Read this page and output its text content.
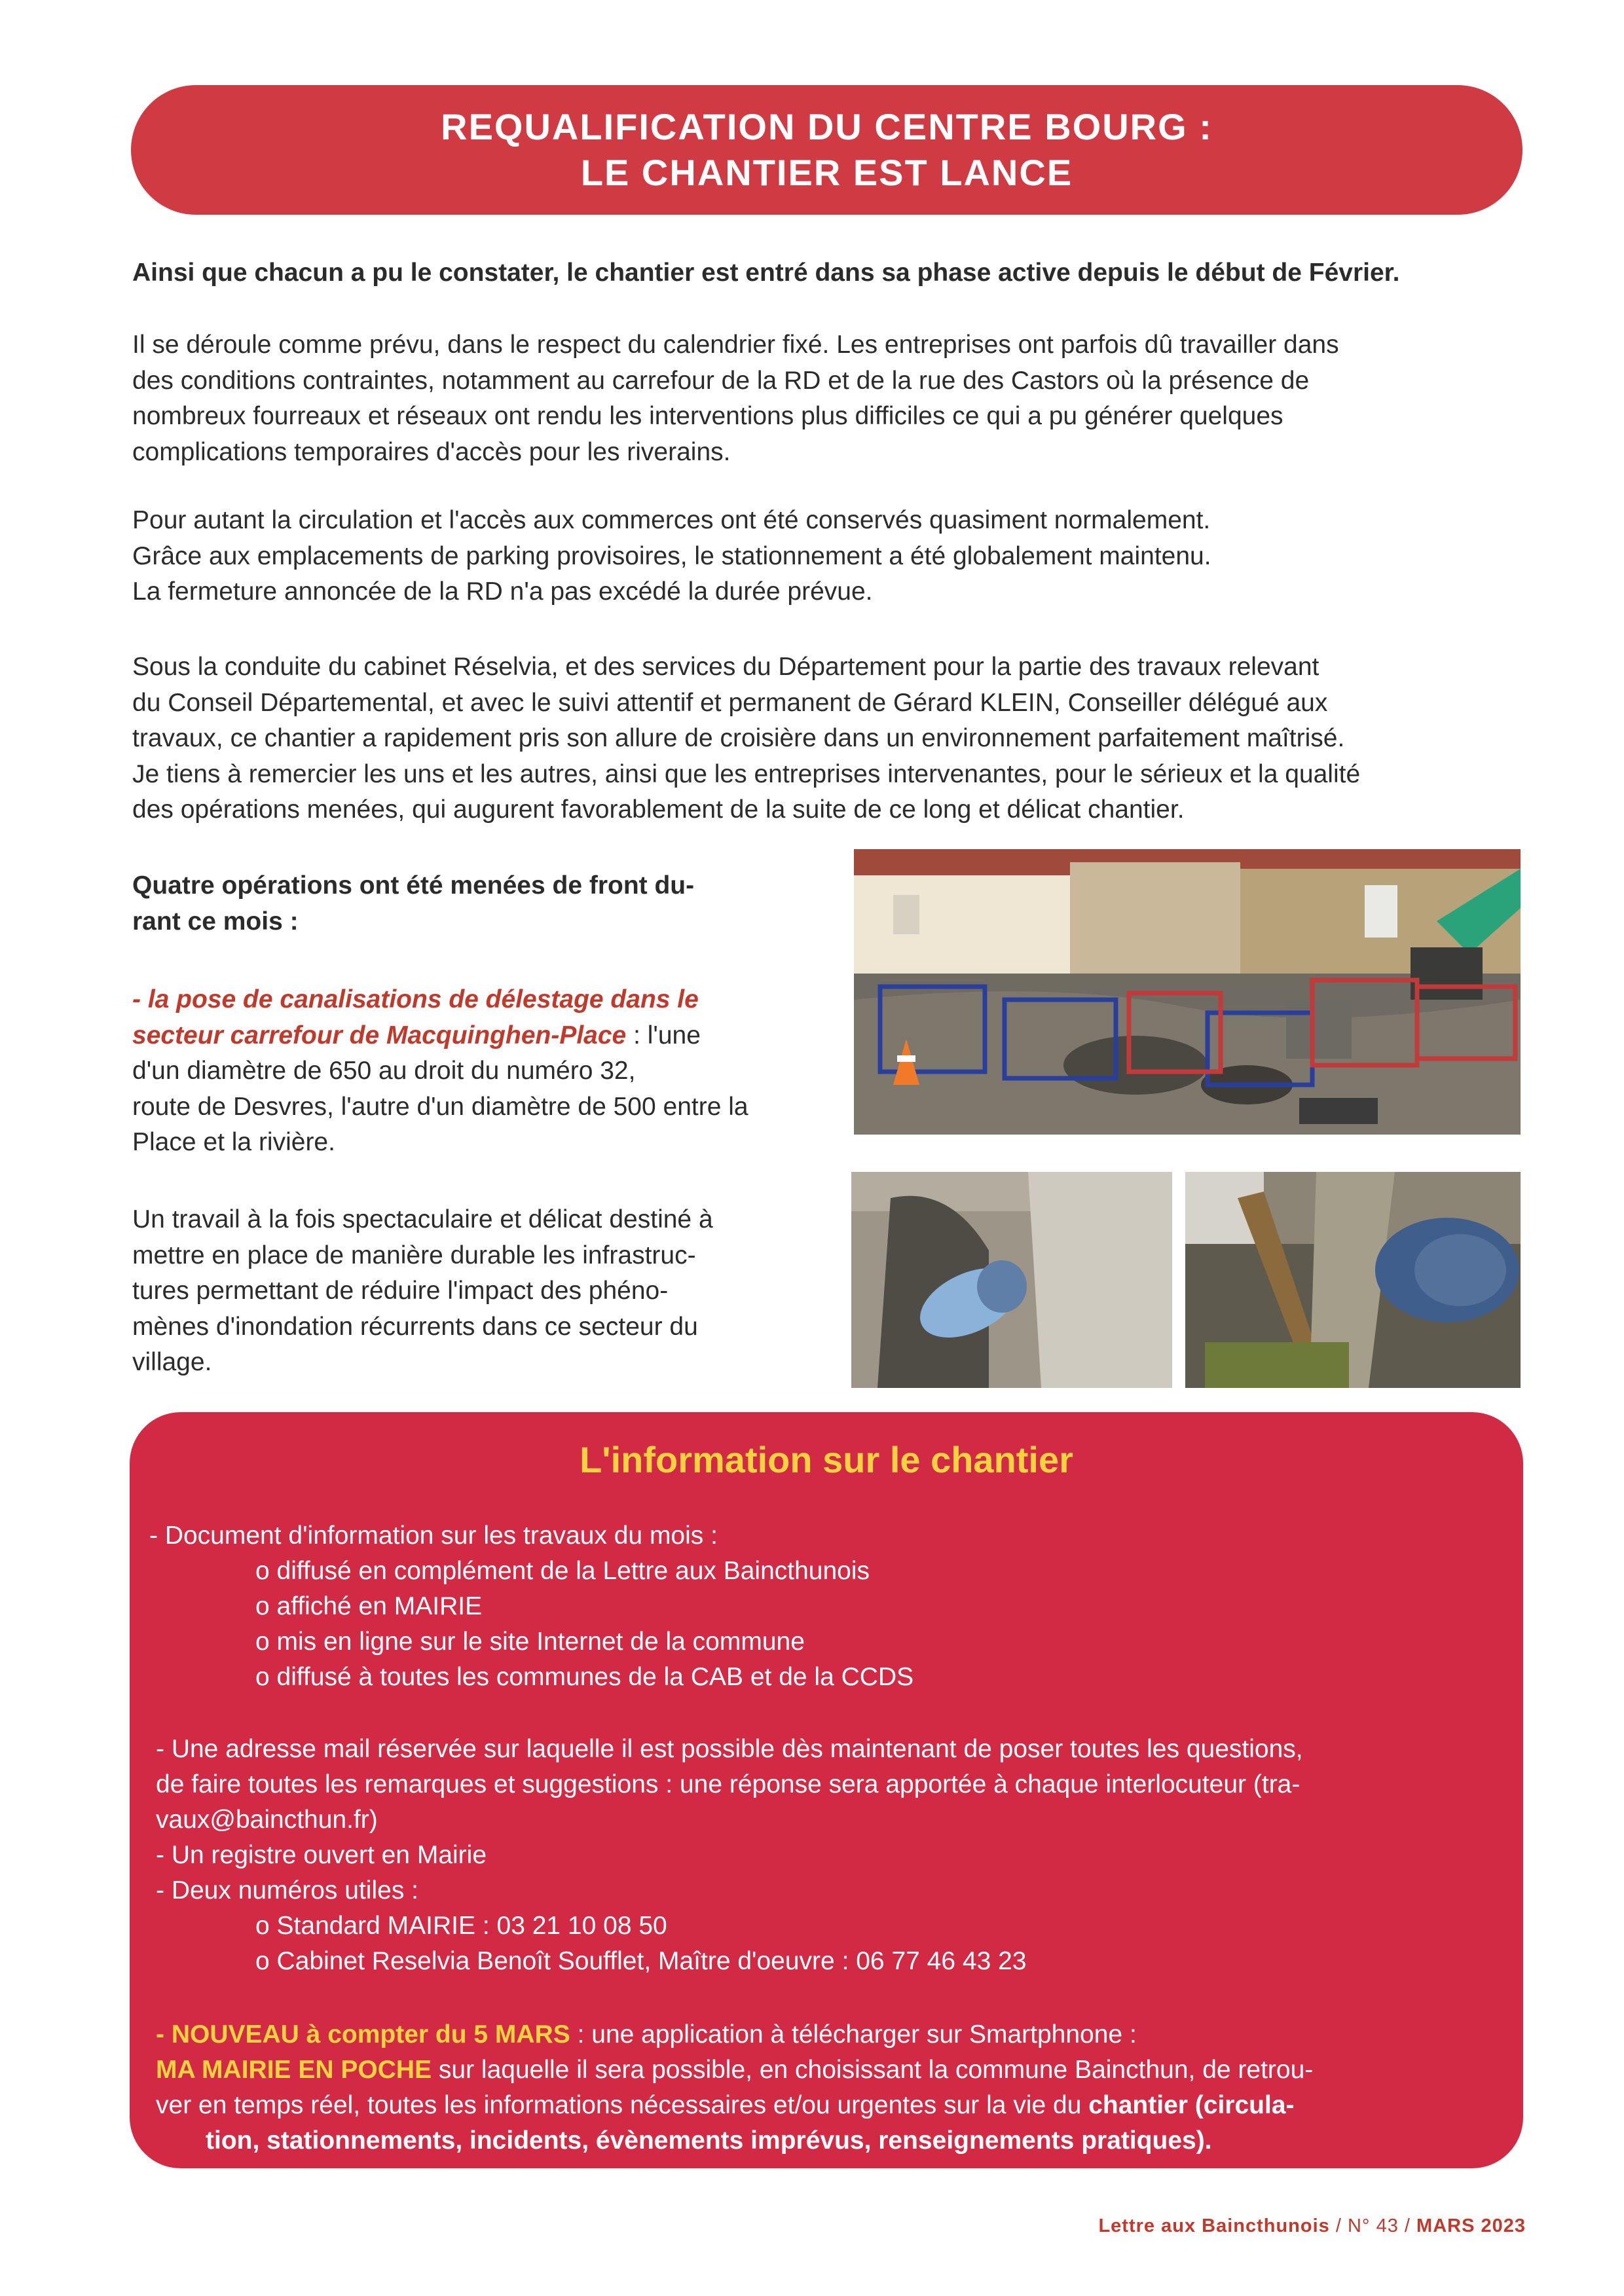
REQUALIFICATION DU CENTRE BOURG :
LE CHANTIER EST LANCE
Ainsi que chacun a pu le constater, le chantier est entré dans sa phase active depuis le début de Février.
Il se déroule comme prévu, dans le respect du calendrier fixé. Les entreprises ont parfois dû travailler dans
des conditions contraintes, notamment au carrefour de la RD et de la rue des Castors où la présence de
nombreux fourreaux et réseaux ont rendu les interventions plus difficiles ce qui a pu générer quelques
complications temporaires d'accès pour les riverains.
Pour autant la circulation et l'accès aux commerces ont été conservés quasiment normalement.
Grâce aux emplacements de parking provisoires, le stationnement a été globalement maintenu.
La fermeture annoncée de la RD n'a pas excédé la durée prévue.
Sous la conduite du cabinet Réselvia, et des services du Département pour la partie des travaux relevant
du Conseil Départemental, et avec le suivi attentif et permanent de Gérard KLEIN, Conseiller délégué aux
travaux, ce chantier a rapidement pris son allure de croisière dans un environnement parfaitement maîtrisé.
Je tiens à remercier les uns et les autres, ainsi que les entreprises intervenantes, pour le sérieux et la qualité
des opérations menées, qui augurent favorablement de la suite de ce long et délicat chantier.
Quatre opérations ont été menées de front du-
rant ce mois :
- la pose de canalisations de délestage dans le
secteur carrefour de Macquinghen-Place : l'une
d'un diamètre de 650 au droit du numéro 32,
route de Desvres, l'autre d'un diamètre de 500 entre la
Place et la rivière.
Un travail à la fois spectaculaire et délicat destiné à
mettre en place de manière durable les infrastruc-
tures permettant de réduire l'impact des phéno-
mènes d'inondation récurrents dans ce secteur du
village.
L'information sur le chantier
- Document d'information sur les travaux du mois :
o diffusé en complément de la Lettre aux Baincthunois
o affiché en MAIRIE
o mis en ligne sur le site Internet de la commune
o diffusé à toutes les communes de la CAB et de la CCDS
- Une adresse mail réservée sur laquelle il est possible dès maintenant de poser toutes les questions,
de faire toutes les remarques et suggestions : une réponse sera apportée à chaque interlocuteur (tra-
vaux@baincthun.fr)
- Un registre ouvert en Mairie
- Deux numéros utiles :
o Standard MAIRIE : 03 21 10 08 50
o Cabinet Reselvia Benoît Soufflet, Maître d'oeuvre : 06 77 46 43 23
- NOUVEAU à compter du 5 MARS : une application à télécharger sur Smartphnone :
MA MAIRIE EN POCHE sur laquelle il sera possible, en choisissant la commune Baincthun, de retrou-
ver en temps réel, toutes les informations nécessaires et/ou urgentes sur la vie du chantier (circula-
tion, stationnements, incidents, évènements imprévus, renseignements pratiques).
Lettre aux Baincthunois / N° 43 / MARS 2023
